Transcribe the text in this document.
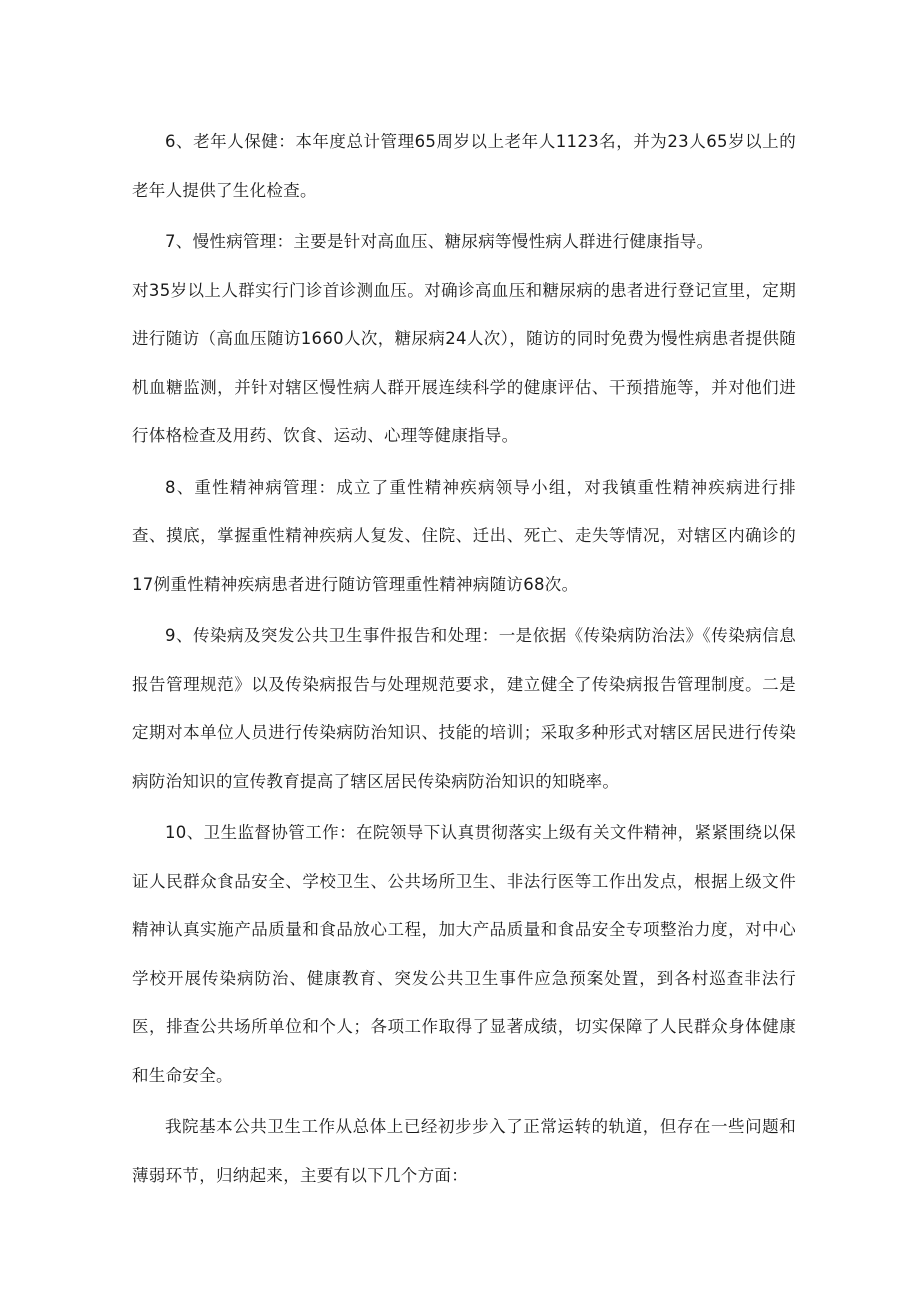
6、老年人保健：本年度总计管理65周岁以上老年人1123名，并为23人65岁以上的老年人提供了生化检查。

7、慢性病管理：主要是针对高血压、糖尿病等慢性病人群进行健康指导。

对35岁以上人群实行门诊首诊测血压。对确诊高血压和糖尿病的患者进行登记宣里，定期进行随访（高血压随访1660人次，糖尿病24人次），随访的同时免费为慢性病患者提供随机血糖监测，并针对辖区慢性病人群开展连续科学的健康评估、干预措施等，并对他们进行体格检查及用药、饮食、运动、心理等健康指导。

8、重性精神病管理：成立了重性精神疾病领导小组，对我镇重性精神疾病进行排查、摸底，掌握重性精神疾病人复发、住院、迁出、死亡、走失等情况，对辖区内确诊的17例重性精神疾病患者进行随访管理重性精神病随访68次。

9、传染病及突发公共卫生事件报告和处理：一是依据《传染病防治法》《传染病信息报告管理规范》以及传染病报告与处理规范要求，建立健全了传染病报告管理制度。二是定期对本单位人员进行传染病防治知识、技能的培训；采取多种形式对辖区居民进行传染病防治知识的宣传教育提高了辖区居民传染病防治知识的知晓率。

10、卫生监督协管工作：在院领导下认真贯彻落实上级有关文件精神，紧紧围绕以保证人民群众食品安全、学校卫生、公共场所卫生、非法行医等工作出发点，根据上级文件精神认真实施产品质量和食品放心工程，加大产品质量和食品安全专项整治力度，对中心学校开展传染病防治、健康教育、突发公共卫生事件应急预案处置，到各村巡查非法行医，排查公共场所单位和个人；各项工作取得了显著成绩，切实保障了人民群众身体健康和生命安全。

我院基本公共卫生工作从总体上已经初步步入了正常运转的轨道，但存在一些问题和薄弱环节，归纳起来，主要有以下几个方面：
